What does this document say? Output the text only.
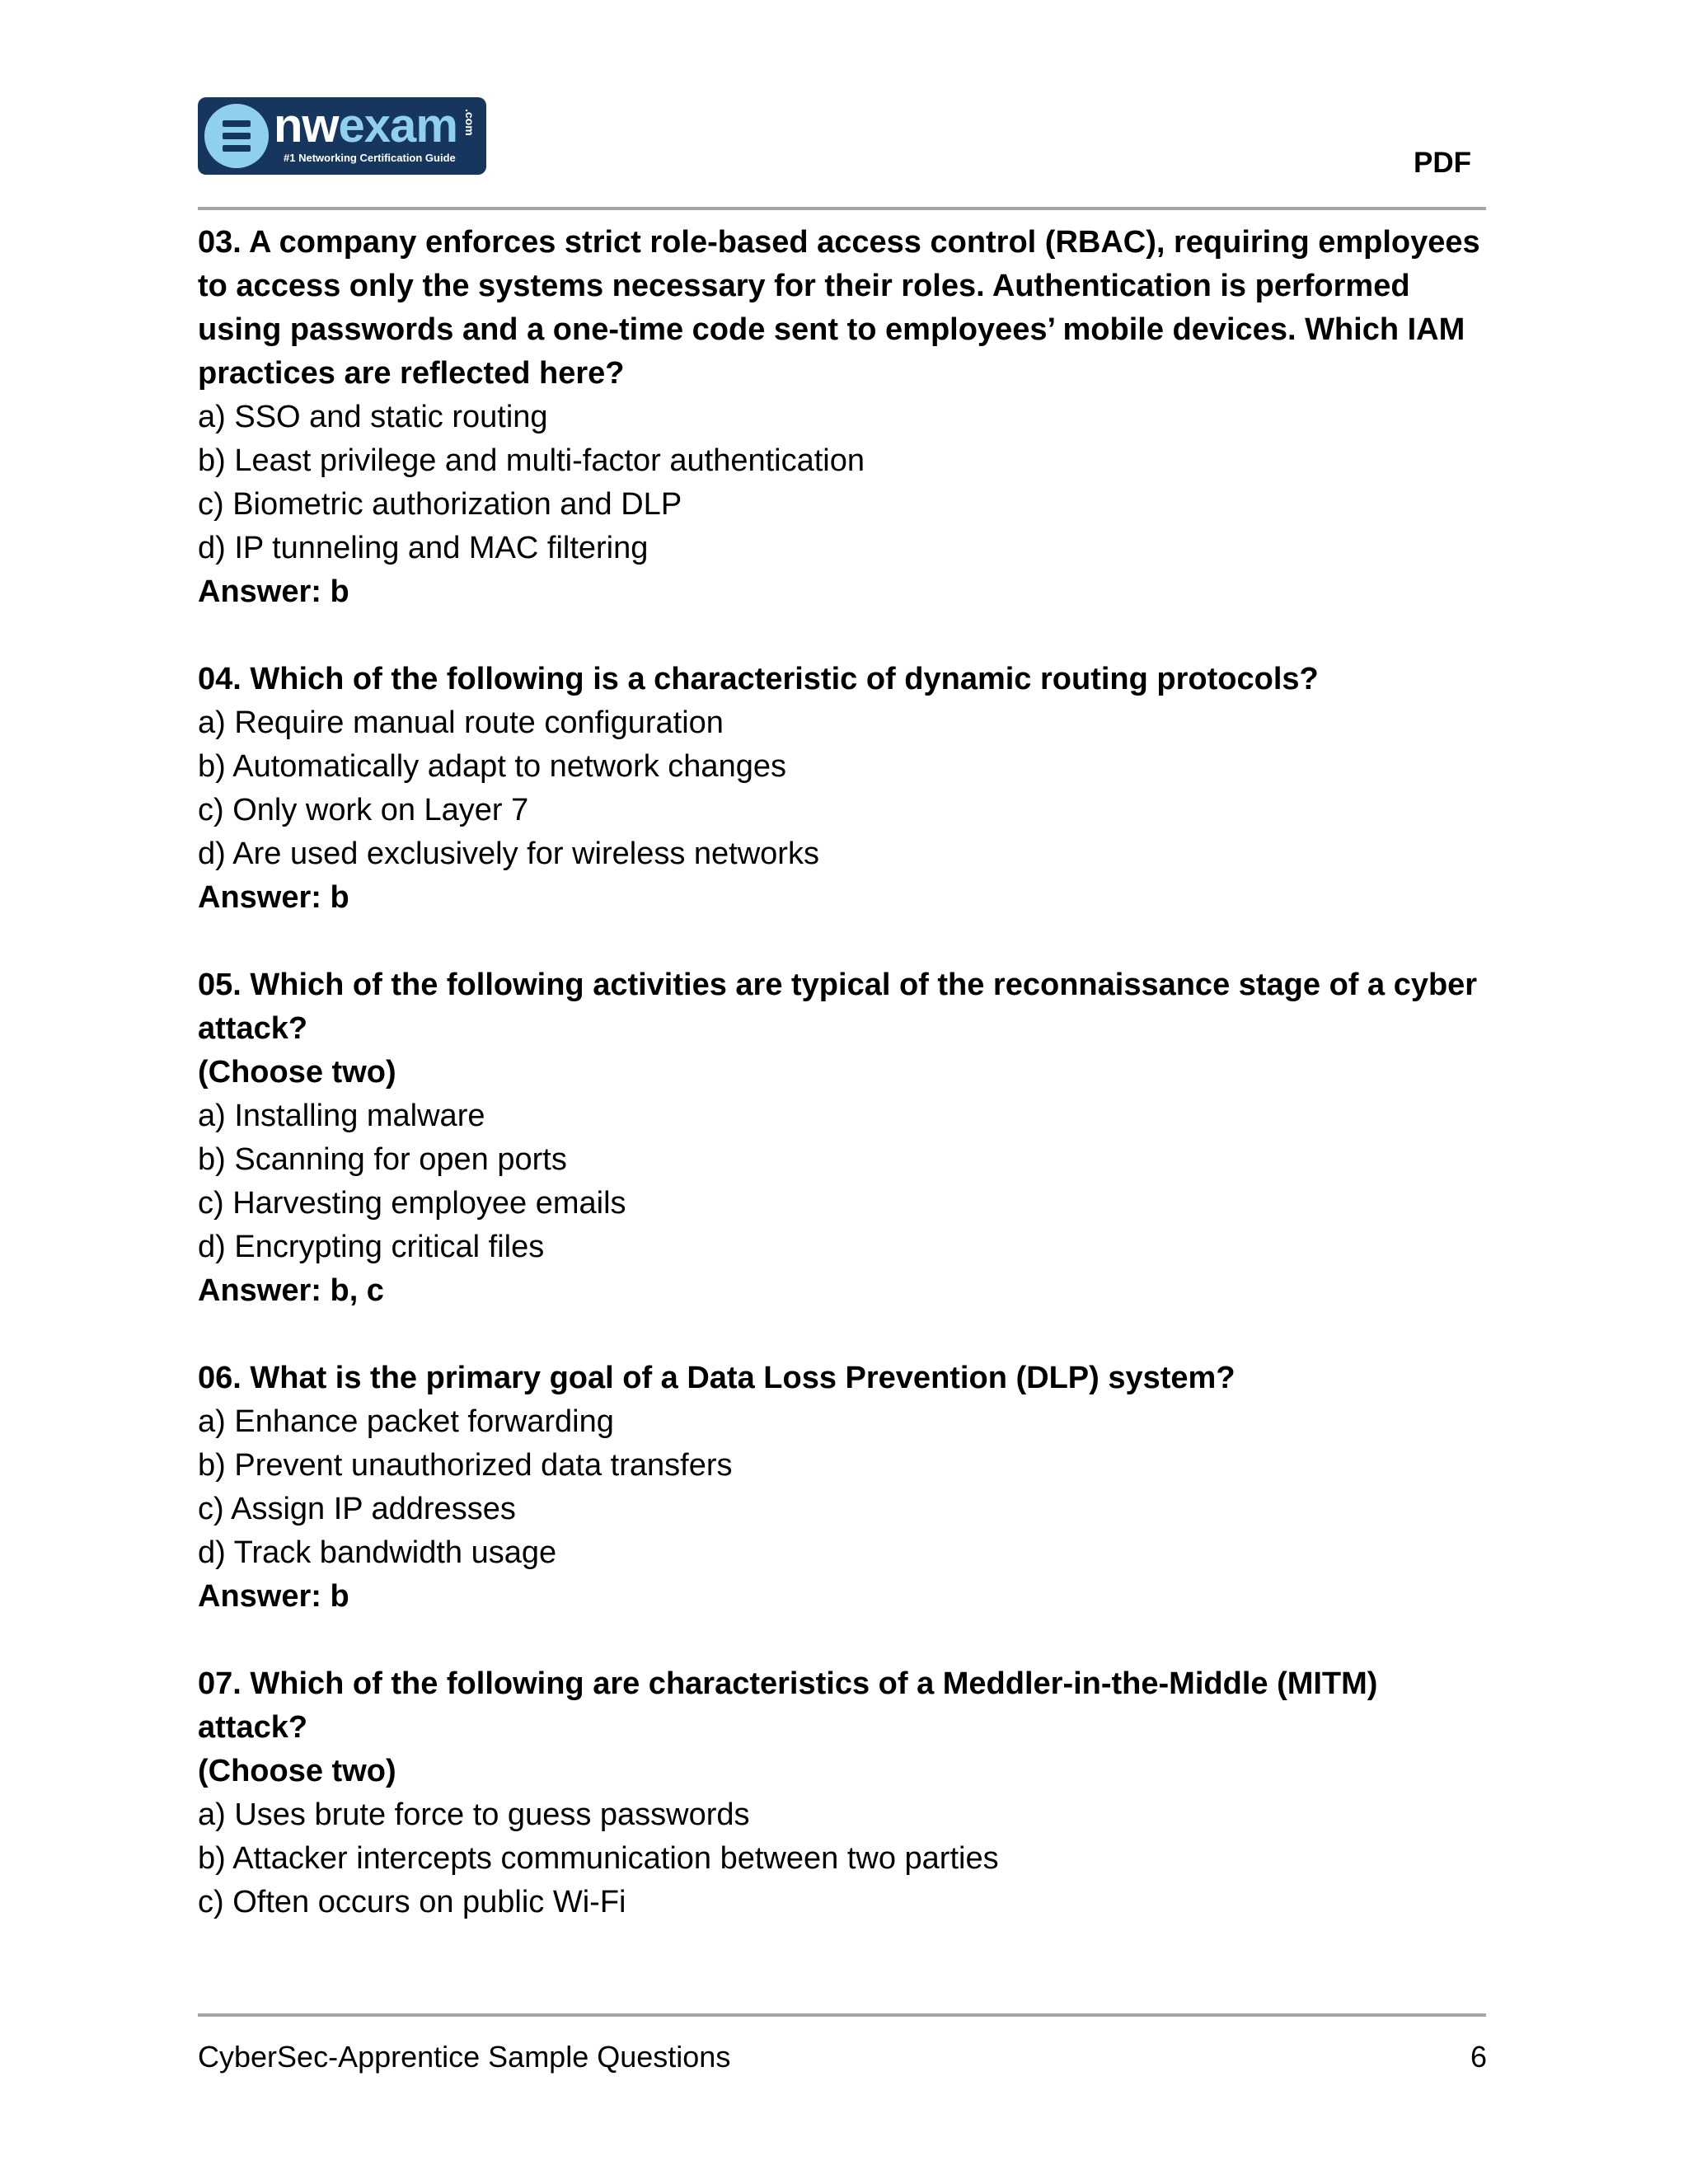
nwexam .com
#1 Networking Certification Guide	PDF
03. A company enforces strict role-based access control (RBAC), requiring employees to access only the systems necessary for their roles. Authentication is performed using passwords and a one-time code sent to employees’ mobile devices. Which IAM practices are reflected here?
a) SSO and static routing
b) Least privilege and multi-factor authentication
c) Biometric authorization and DLP
d) IP tunneling and MAC filtering
Answer: b
04. Which of the following is a characteristic of dynamic routing protocols?
a) Require manual route configuration
b) Automatically adapt to network changes
c) Only work on Layer 7
d) Are used exclusively for wireless networks
Answer: b
05. Which of the following activities are typical of the reconnaissance stage of a cyber attack?
(Choose two)
a) Installing malware
b) Scanning for open ports
c) Harvesting employee emails
d) Encrypting critical files
Answer: b, c
06. What is the primary goal of a Data Loss Prevention (DLP) system?
a) Enhance packet forwarding
b) Prevent unauthorized data transfers
c) Assign IP addresses
d) Track bandwidth usage
Answer: b
07. Which of the following are characteristics of a Meddler-in-the-Middle (MITM) attack?
(Choose two)
a) Uses brute force to guess passwords
b) Attacker intercepts communication between two parties
c) Often occurs on public Wi-Fi
CyberSec-Apprentice Sample Questions	6
